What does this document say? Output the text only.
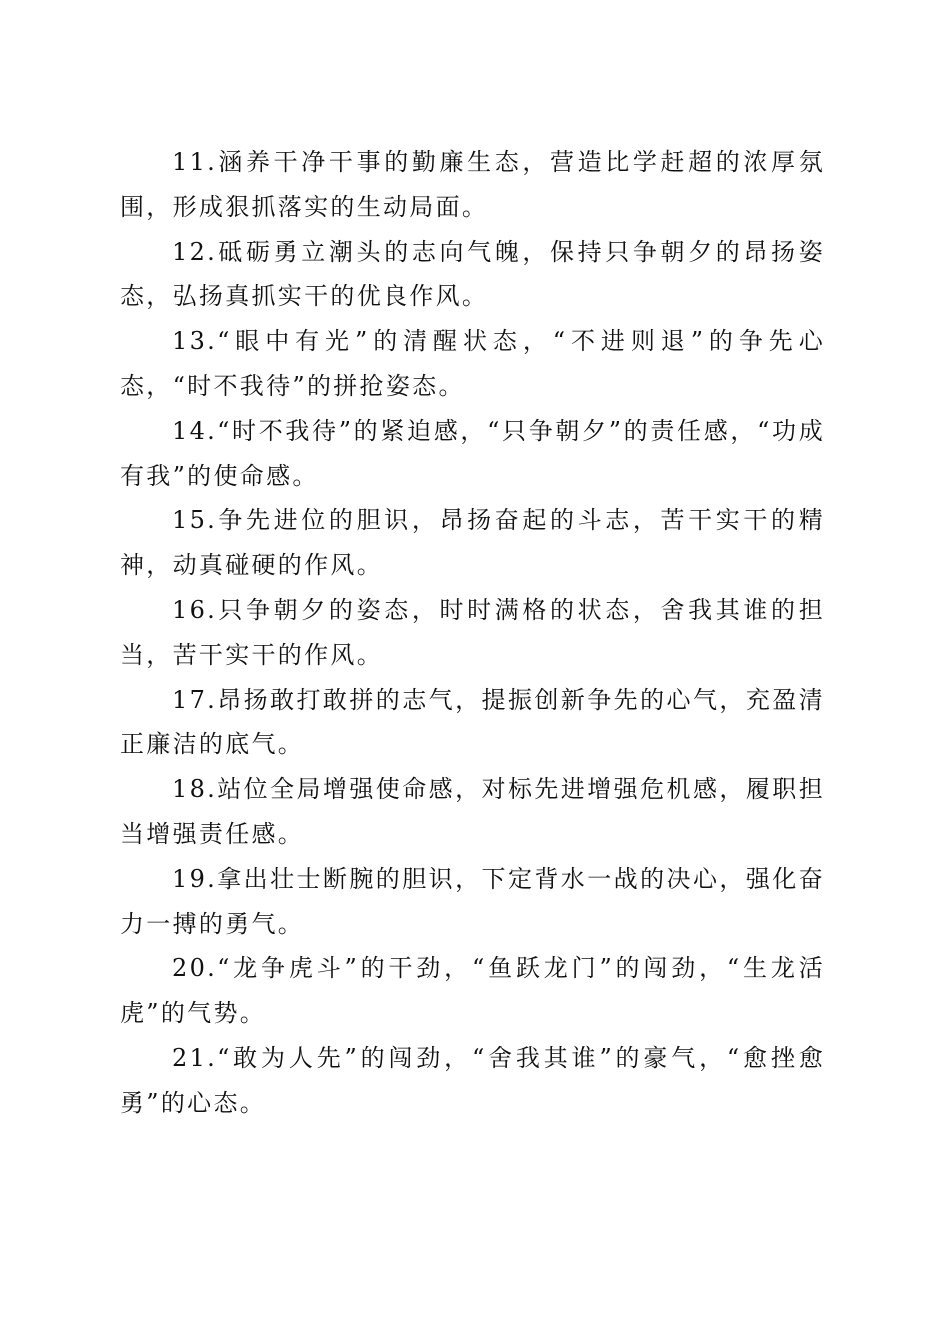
11.涵养干净干事的勤廉生态，营造比学赶超的浓厚氛围，形成狠抓落实的生动局面。

12.砥砺勇立潮头的志向气魄，保持只争朝夕的昂扬姿态，弘扬真抓实干的优良作风。

13.“眼中有光”的清醒状态，“不进则退”的争先心态，“时不我待”的拼抢姿态。

14.“时不我待”的紧迫感，“只争朝夕”的责任感，“功成有我”的使命感。

15.争先进位的胆识，昂扬奋起的斗志，苦干实干的精神，动真碰硬的作风。

16.只争朝夕的姿态，时时满格的状态，舍我其谁的担当，苦干实干的作风。

17.昂扬敢打敢拼的志气，提振创新争先的心气，充盈清正廉洁的底气。

18.站位全局增强使命感，对标先进增强危机感，履职担当增强责任感。

19.拿出壮士断腕的胆识，下定背水一战的决心，强化奋力一搏的勇气。

20.“龙争虎斗”的干劲，“鱼跃龙门”的闯劲，“生龙活虎”的气势。

21.“敢为人先”的闯劲，“舍我其谁”的豪气，“愈挫愈勇”的心态。
